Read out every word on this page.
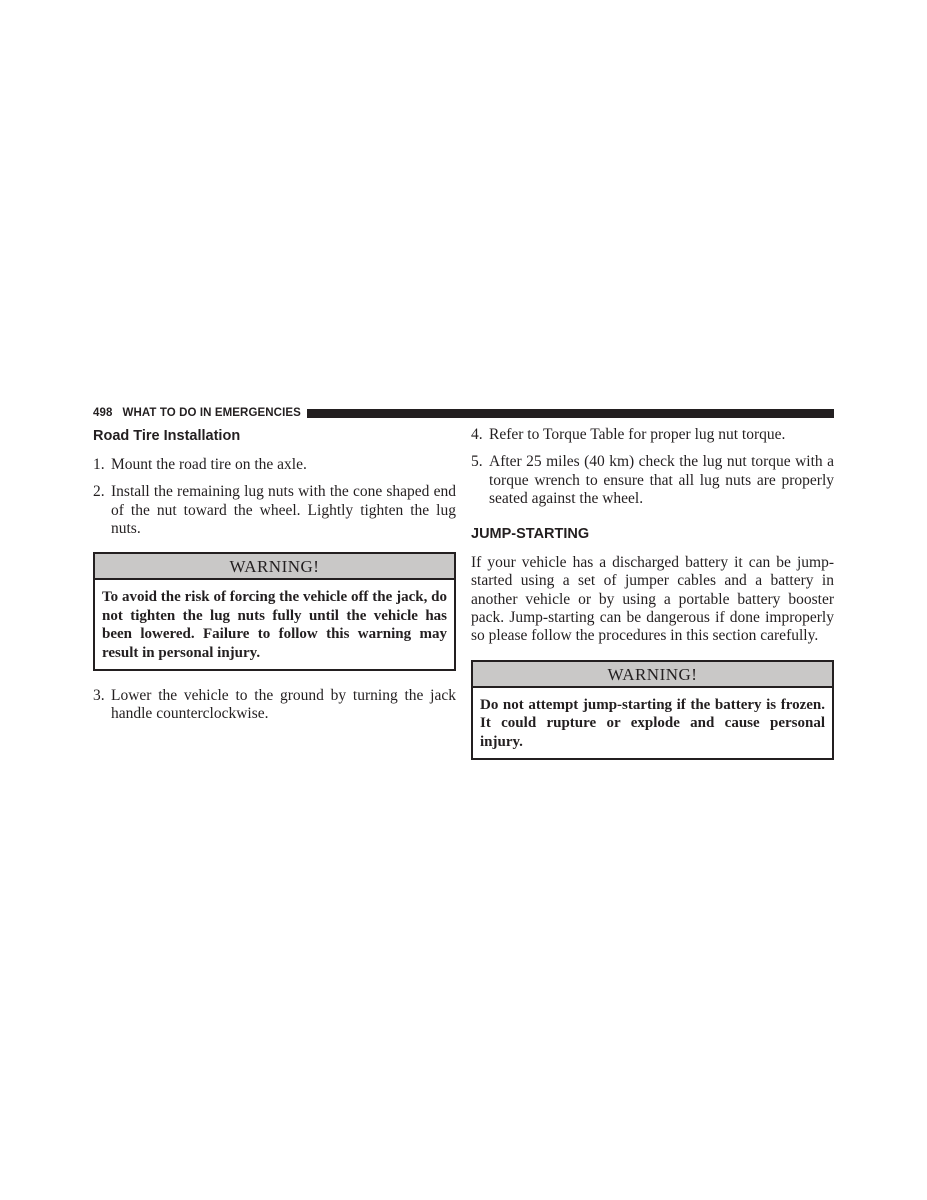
498 WHAT TO DO IN EMERGENCIES
Road Tire Installation
1. Mount the road tire on the axle.
2. Install the remaining lug nuts with the cone shaped end of the nut toward the wheel. Lightly tighten the lug nuts.
WARNING!
To avoid the risk of forcing the vehicle off the jack, do not tighten the lug nuts fully until the vehicle has been lowered. Failure to follow this warning may result in personal injury.
3. Lower the vehicle to the ground by turning the jack handle counterclockwise.
4. Refer to Torque Table for proper lug nut torque.
5. After 25 miles (40 km) check the lug nut torque with a torque wrench to ensure that all lug nuts are properly seated against the wheel.
JUMP-STARTING

If your vehicle has a discharged battery it can be jump-started using a set of jumper cables and a battery in another vehicle or by using a portable battery booster pack. Jump-starting can be dangerous if done improperly so please follow the procedures in this section carefully.

WARNING!
Do not attempt jump-starting if the battery is frozen. It could rupture or explode and cause personal injury.
